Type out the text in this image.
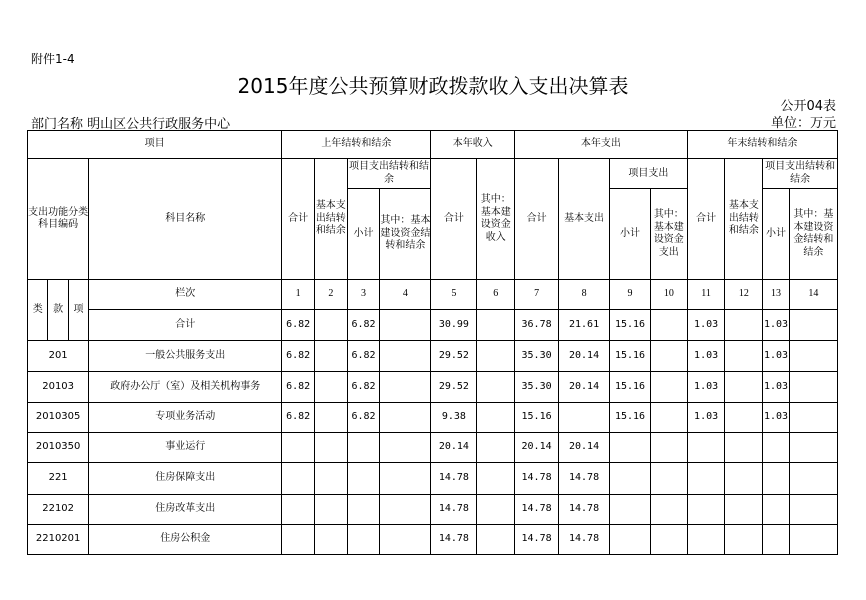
附件1-4
2015年度公共预算财政拨款收入支出决算表
公开04表
部门名称 明山区公共行政服务中心	单位：万元
项目				上年结转和结余				本年收入		本年支出				年末结转和结余			
支出功能分类科目编码			科目名称	合计	基本支出结转和结余	项目支出结转和结余		合计	其中：基本建设资金收入	合计	基本支出	项目支出		合计	基本支出结转和结余	项目支出结转和结余	
						小计	其中：基本建设资金结转和结余					小计	其中：基本建设资金支出			小计	其中：基本建设资金结转和结余
类	款	项	栏次	1	2	3	4	5	6	7	8	9	10	11	12	13	14
			合计	6.82		6.82		30.99		36.78	21.61	15.16		1.03		1.03	
201			一般公共服务支出	6.82		6.82		29.52		35.30	20.14	15.16		1.03		1.03	
20103			政府办公厅（室）及相关机构事务	6.82		6.82		29.52		35.30	20.14	15.16		1.03		1.03	
2010305			专项业务活动	6.82		6.82		9.38		15.16		15.16		1.03		1.03	
2010350			事业运行					20.14		20.14	20.14						
221			住房保障支出					14.78		14.78	14.78						
22102			住房改革支出					14.78		14.78	14.78						
2210201			住房公积金					14.78		14.78	14.78						
